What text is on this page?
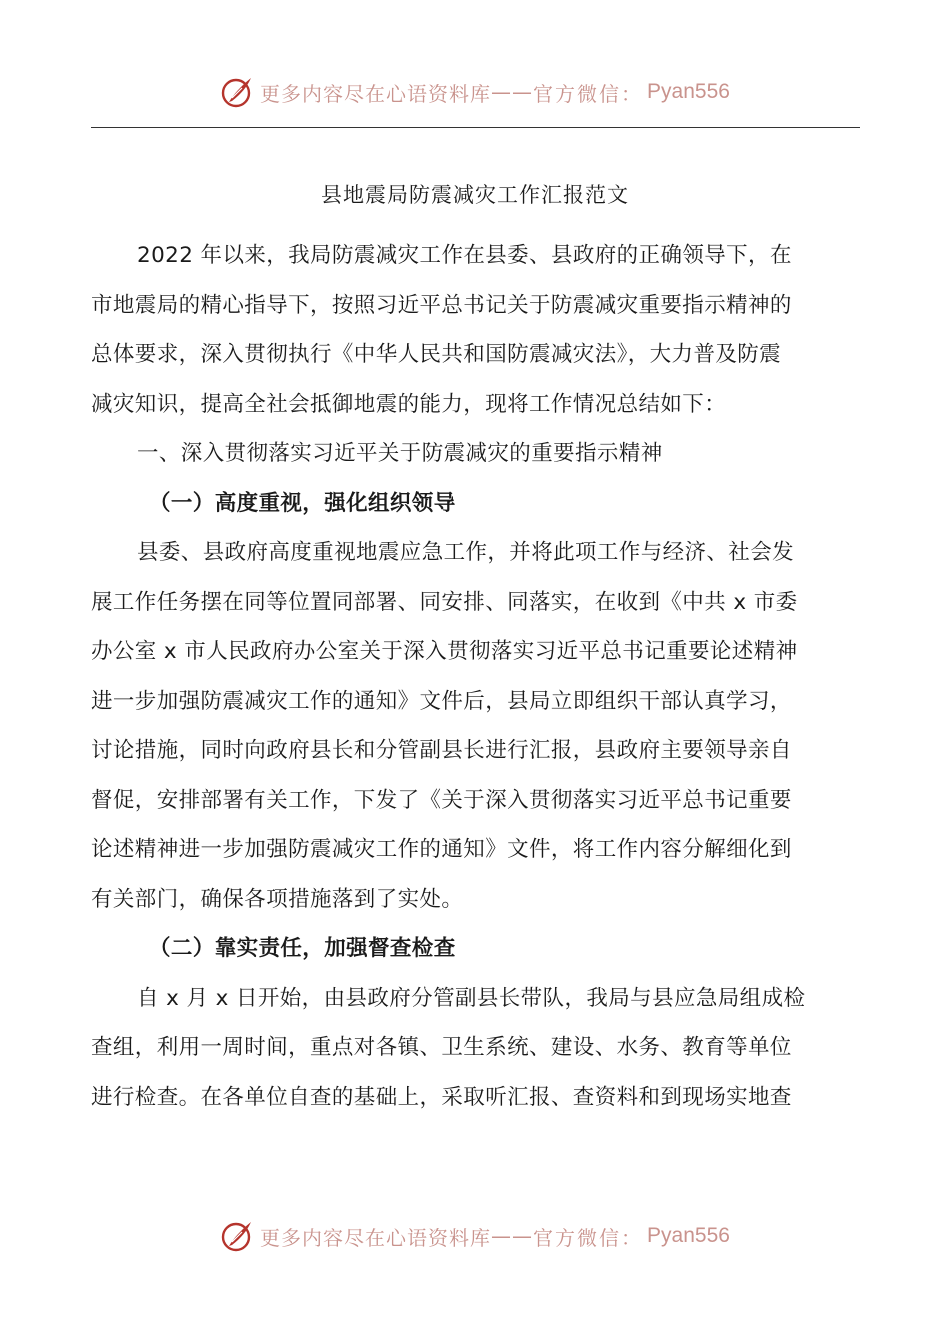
更多内容尽在心语资料库 —— 官方微信： Pyan556
县地震局防震减灾工作汇报范文
2022 年以来，我局防震减灾工作在县委、县政府的正确领导下，在
市地震局的精心指导下，按照习近平总书记关于防震减灾重要指示精神的
总体要求，深入贯彻执行《中华人民共和国防震减灾法》，大力普及防震
减灾知识，提高全社会抵御地震的能力，现将工作情况总结如下：
一、深入贯彻落实习近平关于防震减灾的重要指示精神
（一）高度重视，强化组织领导
县委、县政府高度重视地震应急工作，并将此项工作与经济、社会发
展工作任务摆在同等位置同部署、同安排、同落实，在收到《中共 x 市委
办公室 x 市人民政府办公室关于深入贯彻落实习近平总书记重要论述精神
进一步加强防震减灾工作的通知》文件后，县局立即组织干部认真学习，
讨论措施，同时向政府县长和分管副县长进行汇报，县政府主要领导亲自
督促，安排部署有关工作，下发了《关于深入贯彻落实习近平总书记重要
论述精神进一步加强防震减灾工作的通知》文件，将工作内容分解细化到
有关部门，确保各项措施落到了实处。
（二）靠实责任，加强督查检查
自 x 月 x 日开始，由县政府分管副县长带队，我局与县应急局组成检
查组，利用一周时间，重点对各镇、卫生系统、建设、水务、教育等单位
进行检查。在各单位自查的基础上，采取听汇报、查资料和到现场实地查
更多内容尽在心语资料库 —— 官方微信： Pyan556
